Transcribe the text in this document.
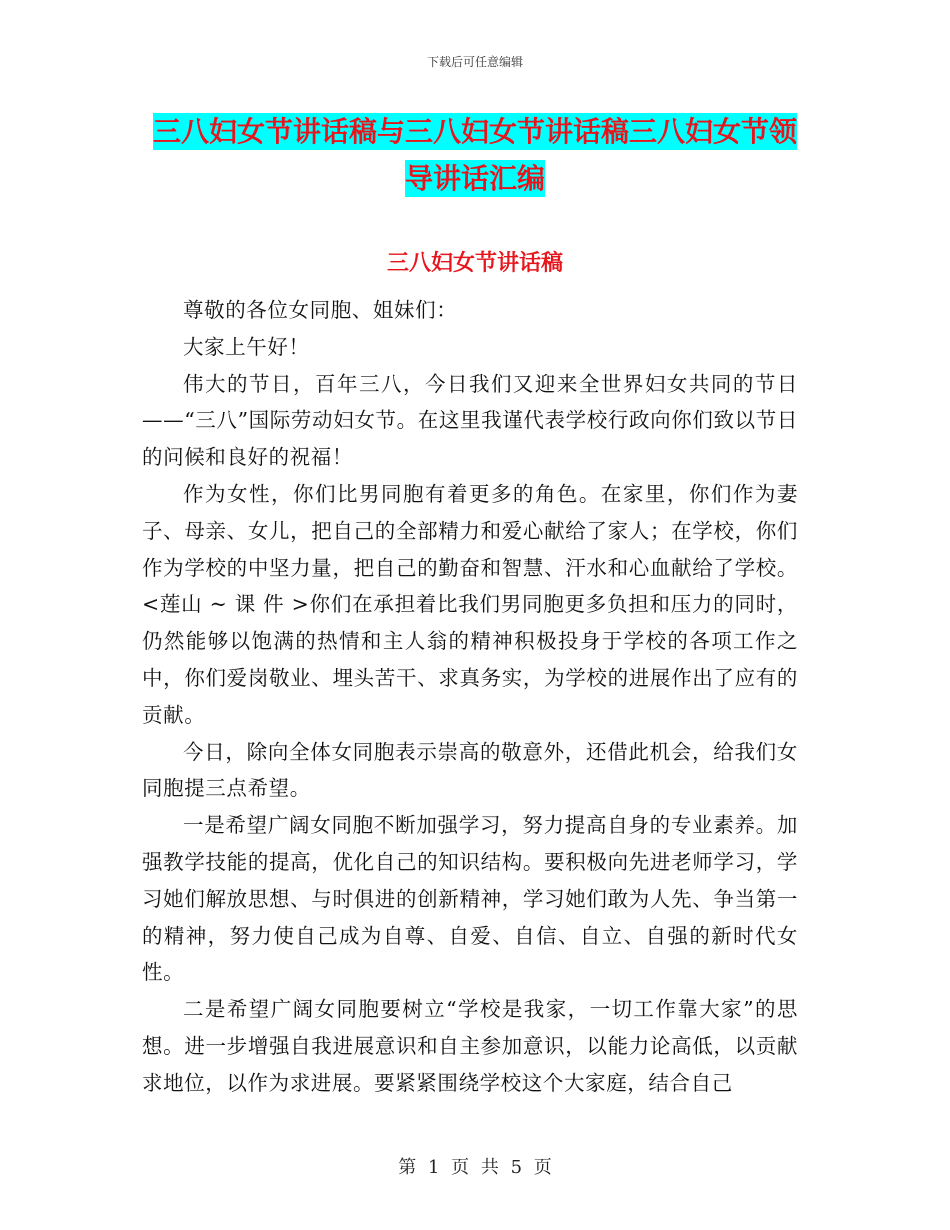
下载后可任意编辑
三八妇女节讲话稿与三八妇女节讲话稿三八妇女节领
导讲话汇编
三八妇女节讲话稿

尊敬的各位女同胞、姐妹们：

大家上午好！

伟大的节日，百年三八，今日我们又迎来全世界妇女共同的节日——“三八”国际劳动妇女节。在这里我谨代表学校行政向你们致以节日的问候和良好的祝福！

作为女性，你们比男同胞有着更多的角色。在家里，你们作为妻子、母亲、女儿，把自己的全部精力和爱心献给了家人；在学校，你们作为学校的中坚力量，把自己的勤奋和智慧、汗水和心血献给了学校。<莲山 ~ 课 件 >你们在承担着比我们男同胞更多负担和压力的同时，仍然能够以饱满的热情和主人翁的精神积极投身于学校的各项工作之中，你们爱岗敬业、埋头苦干、求真务实，为学校的进展作出了应有的贡献。

今日，除向全体女同胞表示崇高的敬意外，还借此机会，给我们女同胞提三点希望。

一是希望广阔女同胞不断加强学习，努力提高自身的专业素养。加强教学技能的提高，优化自己的知识结构。要积极向先进老师学习，学习她们解放思想、与时俱进的创新精神，学习她们敢为人先、争当第一的精神，努力使自己成为自尊、自爱、自信、自立、自强的新时代女性。

二是希望广阔女同胞要树立“学校是我家，一切工作靠大家”的思想。进一步增强自我进展意识和自主参加意识，以能力论高低，以贡献求地位，以作为求进展。要紧紧围绕学校这个大家庭，结合自己

第 1 页 共 5 页
